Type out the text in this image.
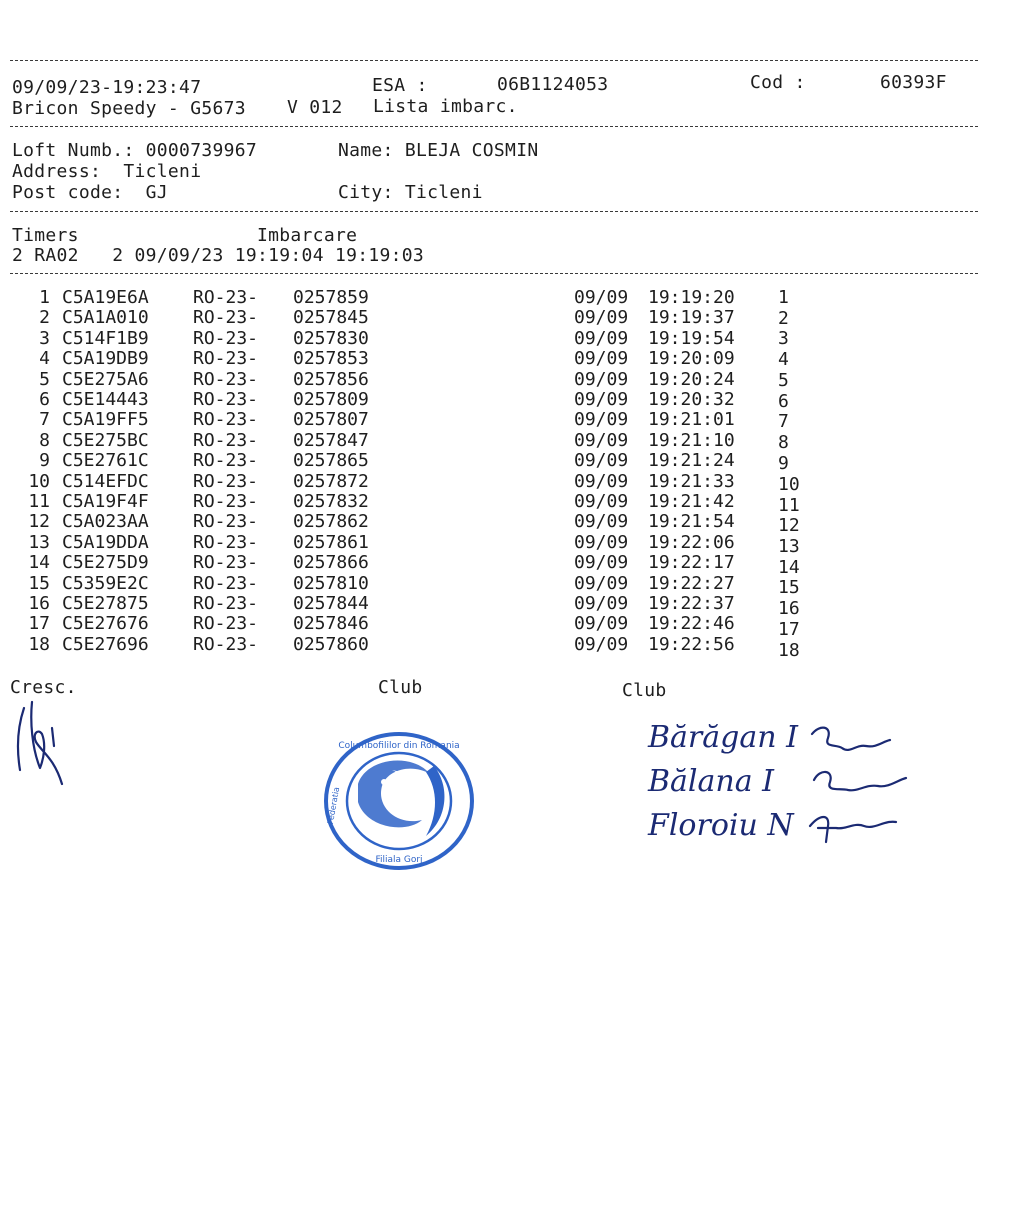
09/09/23-19:23:47	ESA :	06B1124053	Cod :	60393F
Bricon Speedy - G5673 V 012 Lista imbarc.
Loft Numb.: 0000739967	Name: BLEJA COSMIN
Address:  Ticleni
Post code:  GJ	City: Ticleni
Timers	Imbarcare
2 RA02   2 09/09/23 19:19:04 19:19:03
1 C5A19E6A RO-23- 0257859	09/09 19:19:20 1
2 C5A1A010 RO-23- 0257845	09/09 19:19:37 2
3 C514F1B9 RO-23- 0257830	09/09 19:19:54 3
4 C5A19DB9 RO-23- 0257853	09/09 19:20:09 4
5 C5E275A6 RO-23- 0257856	09/09 19:20:24 5
6 C5E14443 RO-23- 0257809	09/09 19:20:32 6
7 C5A19FF5 RO-23- 0257807	09/09 19:21:01 7
8 C5E275BC RO-23- 0257847	09/09 19:21:10 8
9 C5E2761C RO-23- 0257865	09/09 19:21:24 9
10 C514EFDC RO-23- 0257872	09/09 19:21:33 10
11 C5A19F4F RO-23- 0257832	09/09 19:21:42 11
12 C5A023AA RO-23- 0257862	09/09 19:21:54 12
13 C5A19DDA RO-23- 0257861	09/09 19:22:06 13
14 C5E275D9 RO-23- 0257866	09/09 19:22:17 14
15 C5359E2C RO-23- 0257810	09/09 19:22:27 15
16 C5E27875 RO-23- 0257844	09/09 19:22:37 16
17 C5E27676 RO-23- 0257846	09/09 19:22:46 17
18 C5E27696 RO-23- 0257860	09/09 19:22:56 18
Cresc.	Club	Club
Columbofililor din Romania
Federatia
Filiala Gorj
Bărăgan I
Bălana I
Floroiu N
